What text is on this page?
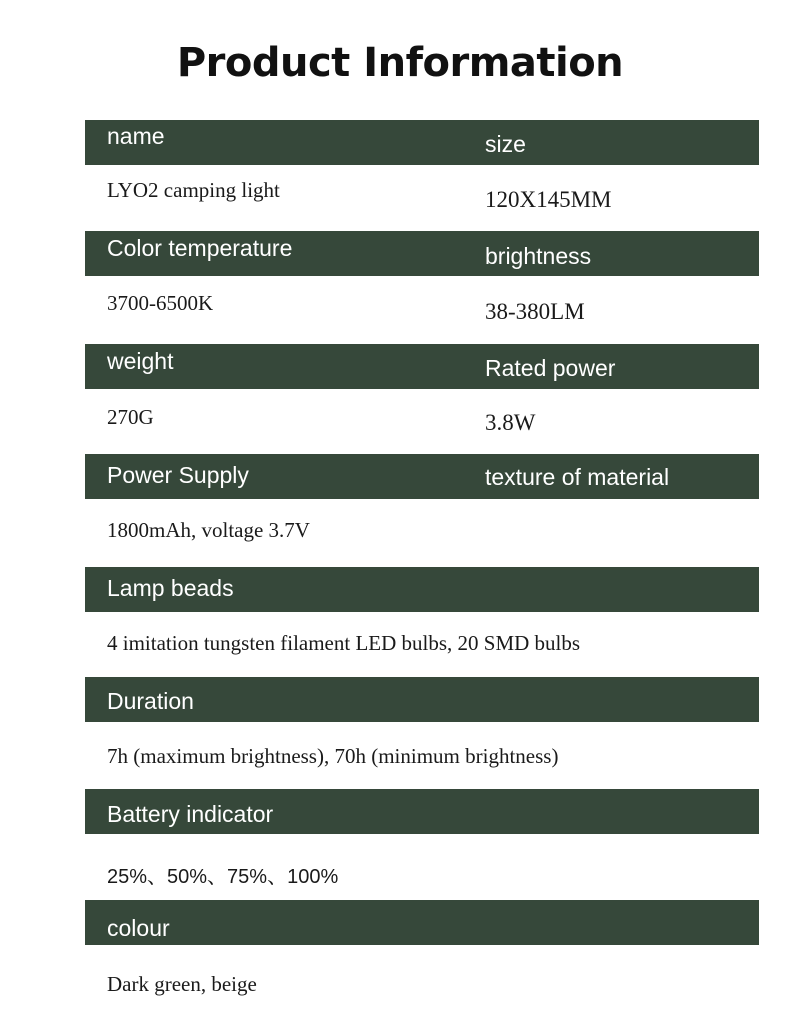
Product Information
name	size
LYO2 camping light	120X145MM
Color temperature	brightness
3700-6500K	38-380LM
weight	Rated power
270G	3.8W
Power Supply	texture of material
1800mAh, voltage 3.7V
Lamp beads
4 imitation tungsten filament LED bulbs, 20 SMD bulbs
Duration
7h (maximum brightness), 70h (minimum brightness)
Battery indicator
25%、50%、75%、100%
colour
Dark green, beige
